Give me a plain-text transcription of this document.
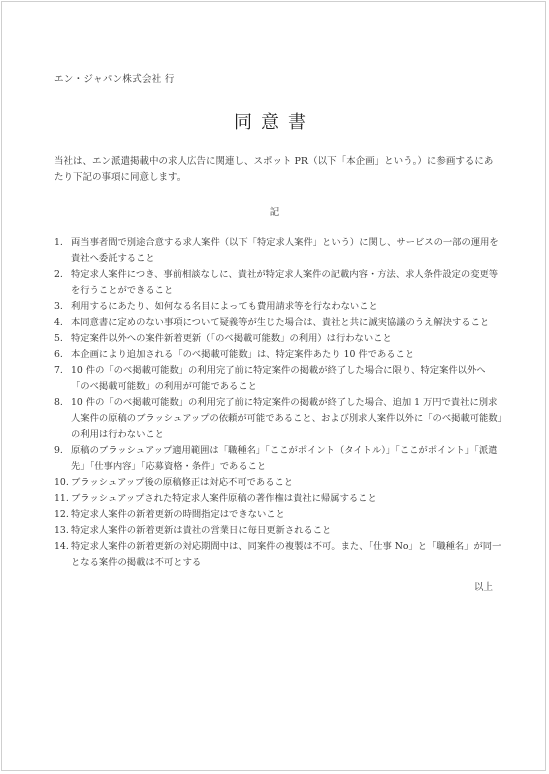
エン・ジャパン株式会社 行
同意書
当社は、エン派遣掲載中の求人広告に関連し、スポット PR（以下「本企画」という。）に参画するにあたり下記の事項に同意します。
記
1. 両当事者間で別途合意する求人案件（以下「特定求人案件」という）に関し、サービスの一部の運用を貴社へ委託すること
2. 特定求人案件につき、事前相談なしに、貴社が特定求人案件の記載内容・方法、求人条件設定の変更等を行うことができること
3. 利用するにあたり、如何なる名目によっても費用請求等を行なわないこと
4. 本同意書に定めのない事項について疑義等が生じた場合は、貴社と共に誠実協議のうえ解決すること
5. 特定案件以外への案件新着更新（「のべ掲載可能数」の利用）は行わないこと
6. 本企画により追加される「のべ掲載可能数」は、特定案件あたり 10 件であること
7. 10 件の「のべ掲載可能数」の利用完了前に特定案件の掲載が終了した場合に限り、特定案件以外へ「のべ掲載可能数」の利用が可能であること
8. 10 件の「のべ掲載可能数」の利用完了前に特定案件の掲載が終了した場合、追加 1 万円で貴社に別求人案件の原稿のブラッシュアップの依頼が可能であること、および別求人案件以外に「のべ掲載可能数」の利用は行わないこと
9. 原稿のブラッシュアップ適用範囲は「職種名」「ここがポイント（タイトル）」「ここがポイント」「派遣先」「仕事内容」「応募資格・条件」であること
10. ブラッシュアップ後の原稿修正は対応不可であること
11. ブラッシュアップされた特定求人案件原稿の著作権は貴社に帰属すること
12. 特定求人案件の新着更新の時間指定はできないこと
13. 特定求人案件の新着更新は貴社の営業日に毎日更新されること
14. 特定求人案件の新着更新の対応期間中は、同案件の複製は不可。また、「仕事 No」と「職種名」が同一となる案件の掲載は不可とする
以上
